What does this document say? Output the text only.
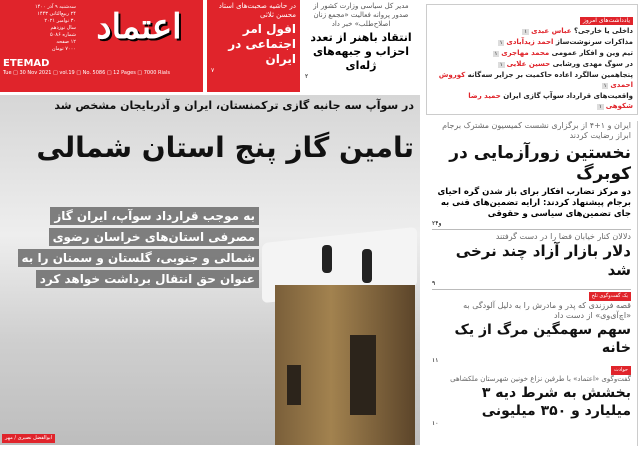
اعتماد
سه‌شنبه ۹ آذر ۱۴۰۰
۲۴ ربیع‌الثانی ۱۴۴۳
۳۰ نوامبر ۲۰۲۱
سال نوزدهم
شماره ۵۰۸۶
۱۲ صفحه
۷۰۰۰ تومان
ETEMAD
Tue □ 30 Nov 2021 □ vol.19 □ No. 5086 □ 12 Pages □ 7000 Rials
در حاشیه صحبت‌های استاد محسن ثلاثی
افول امر اجتماعی در ایران
۷
مدیر کل سیاسی وزارت کشور از صدور پروانه فعالیت «مجمع زنان اصلاح‌طلب» خبر داد
انتقاد باهنر از تعدد احزاب و جبهه‌های ژله‌ای
۲
در سوآپ سه جانبه گازی ترکمنستان، ایران و آذربایجان مشخص شد
تامین گاز پنج استان شمالی
به موجب قرارداد سوآپ، ایران گاز
مصرفی استان‌های خراسان رضوی
شمالی و جنوبی، گلستان و سمنان را به
عنوان حق انتقال برداشت خواهد کرد
ابوالفضل نصیری / مهر
یادداشت‌های امروز
داخلی یا خارجی؟ عباس عبدی۱
مذاکرات سرنوشت‌ساز احمد زیدآبادی۱
تیم وین و افکار عمومی محمد مهاجری۱
در سوگ مهدی ورشابی حسین علایی۱
پنجاهمین سالگرد اعاده حاکمیت بر جزایر سه‌گانه کوروش احمدی۱
واقعیت‌های قرارداد سوآپ گازی ایران حمید رضا شکوهی۱
ایران و ۱+۴ از برگزاری نشست کمیسیون مشترک برجام ابراز رضایت کردند
نخستین زورآزمایی در کوبرگ
دو مرکز تضارب افکار برای باز شدن گره احیای برجام پیشنهاد کردند: ارایه تضمین‌های فنی به جای تضمین‌های سیاسی و حقوقی
۲و۴
دلالان کنار خیابان فضا را در دست گرفتند
دلار بازار آزاد چند نرخی شد
۹
یک گفت‌وگوی تلخ
قصه فرزندی که پدر و مادرش را به دلیل آلودگی به «اچ‌آی‌وی» از دست داد
سهم سهمگین مرگ از یک خانه
۱۱
حوادث
گفت‌وگوی «اعتماد» با طرفین نزاع خونین شهرستان ملکشاهی
بخشش به شرط دیه ۳ میلیارد و ۳۵۰ میلیونی
۱۰
